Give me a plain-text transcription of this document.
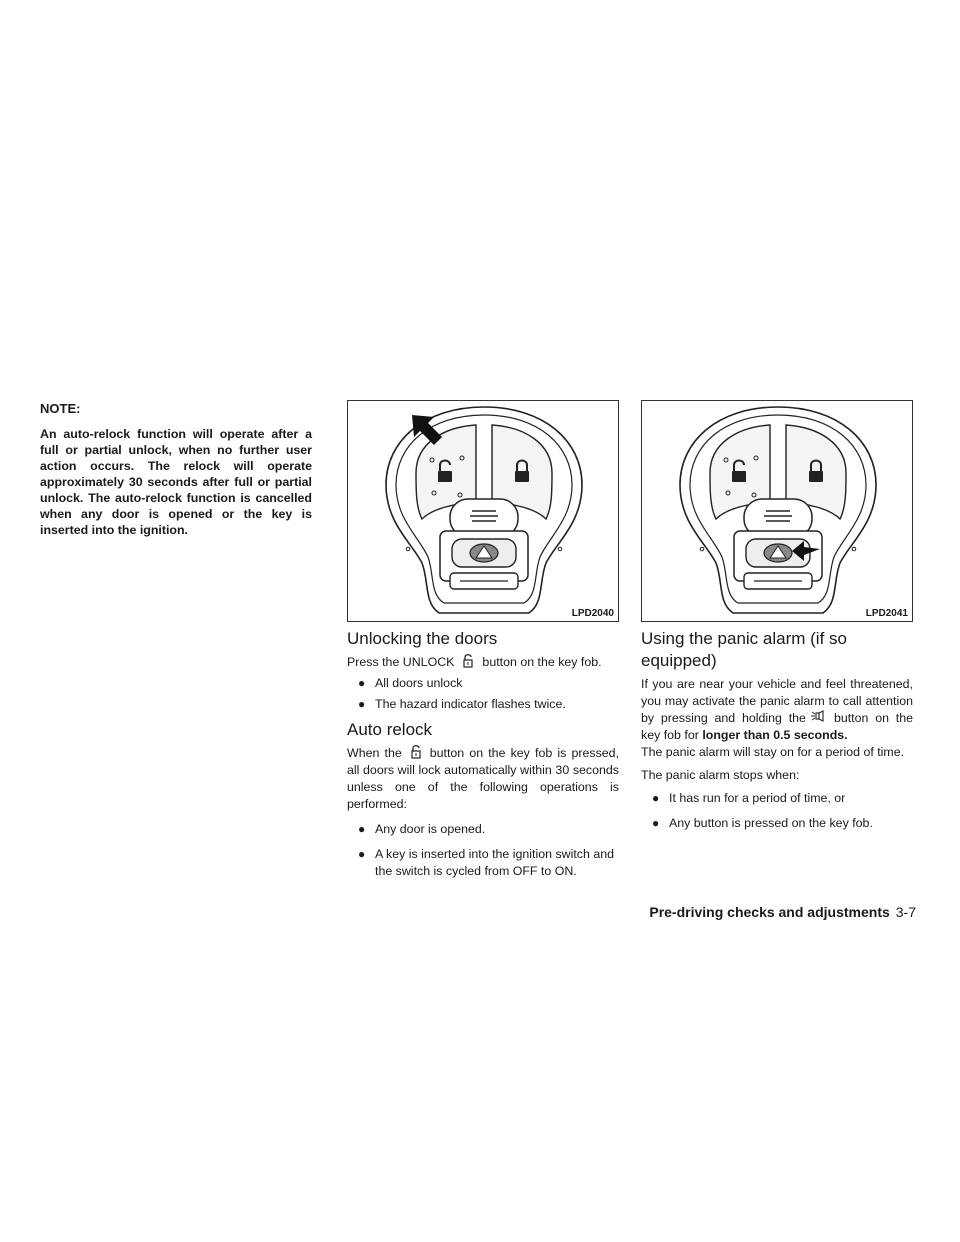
NOTE:
An auto-relock function will operate after a full or partial unlock, when no further user action occurs. The relock will operate approximately 30 seconds after full or partial unlock. The auto-relock function is cancelled when any door is opened or the key is inserted into the ignition.
LPD2040
Unlocking the doors

Press the UNLOCK button on the key fob.

● All doors unlock
● The hazard indicator flashes twice.
Auto relock

When the button on the key fob is pressed, all doors will lock automatically within 30 seconds unless one of the following operations is performed:

● Any door is opened.
● A key is inserted into the ignition switch and the switch is cycled from OFF to ON.
LPD2041
Using the panic alarm (if so equipped)

If you are near your vehicle and feel threatened, you may activate the panic alarm to call attention by pressing and holding the button on the key fob for longer than 0.5 seconds.

The panic alarm will stay on for a period of time.

The panic alarm stops when:

● It has run for a period of time, or
● Any button is pressed on the key fob.
Pre-driving checks and adjustments 3-7
